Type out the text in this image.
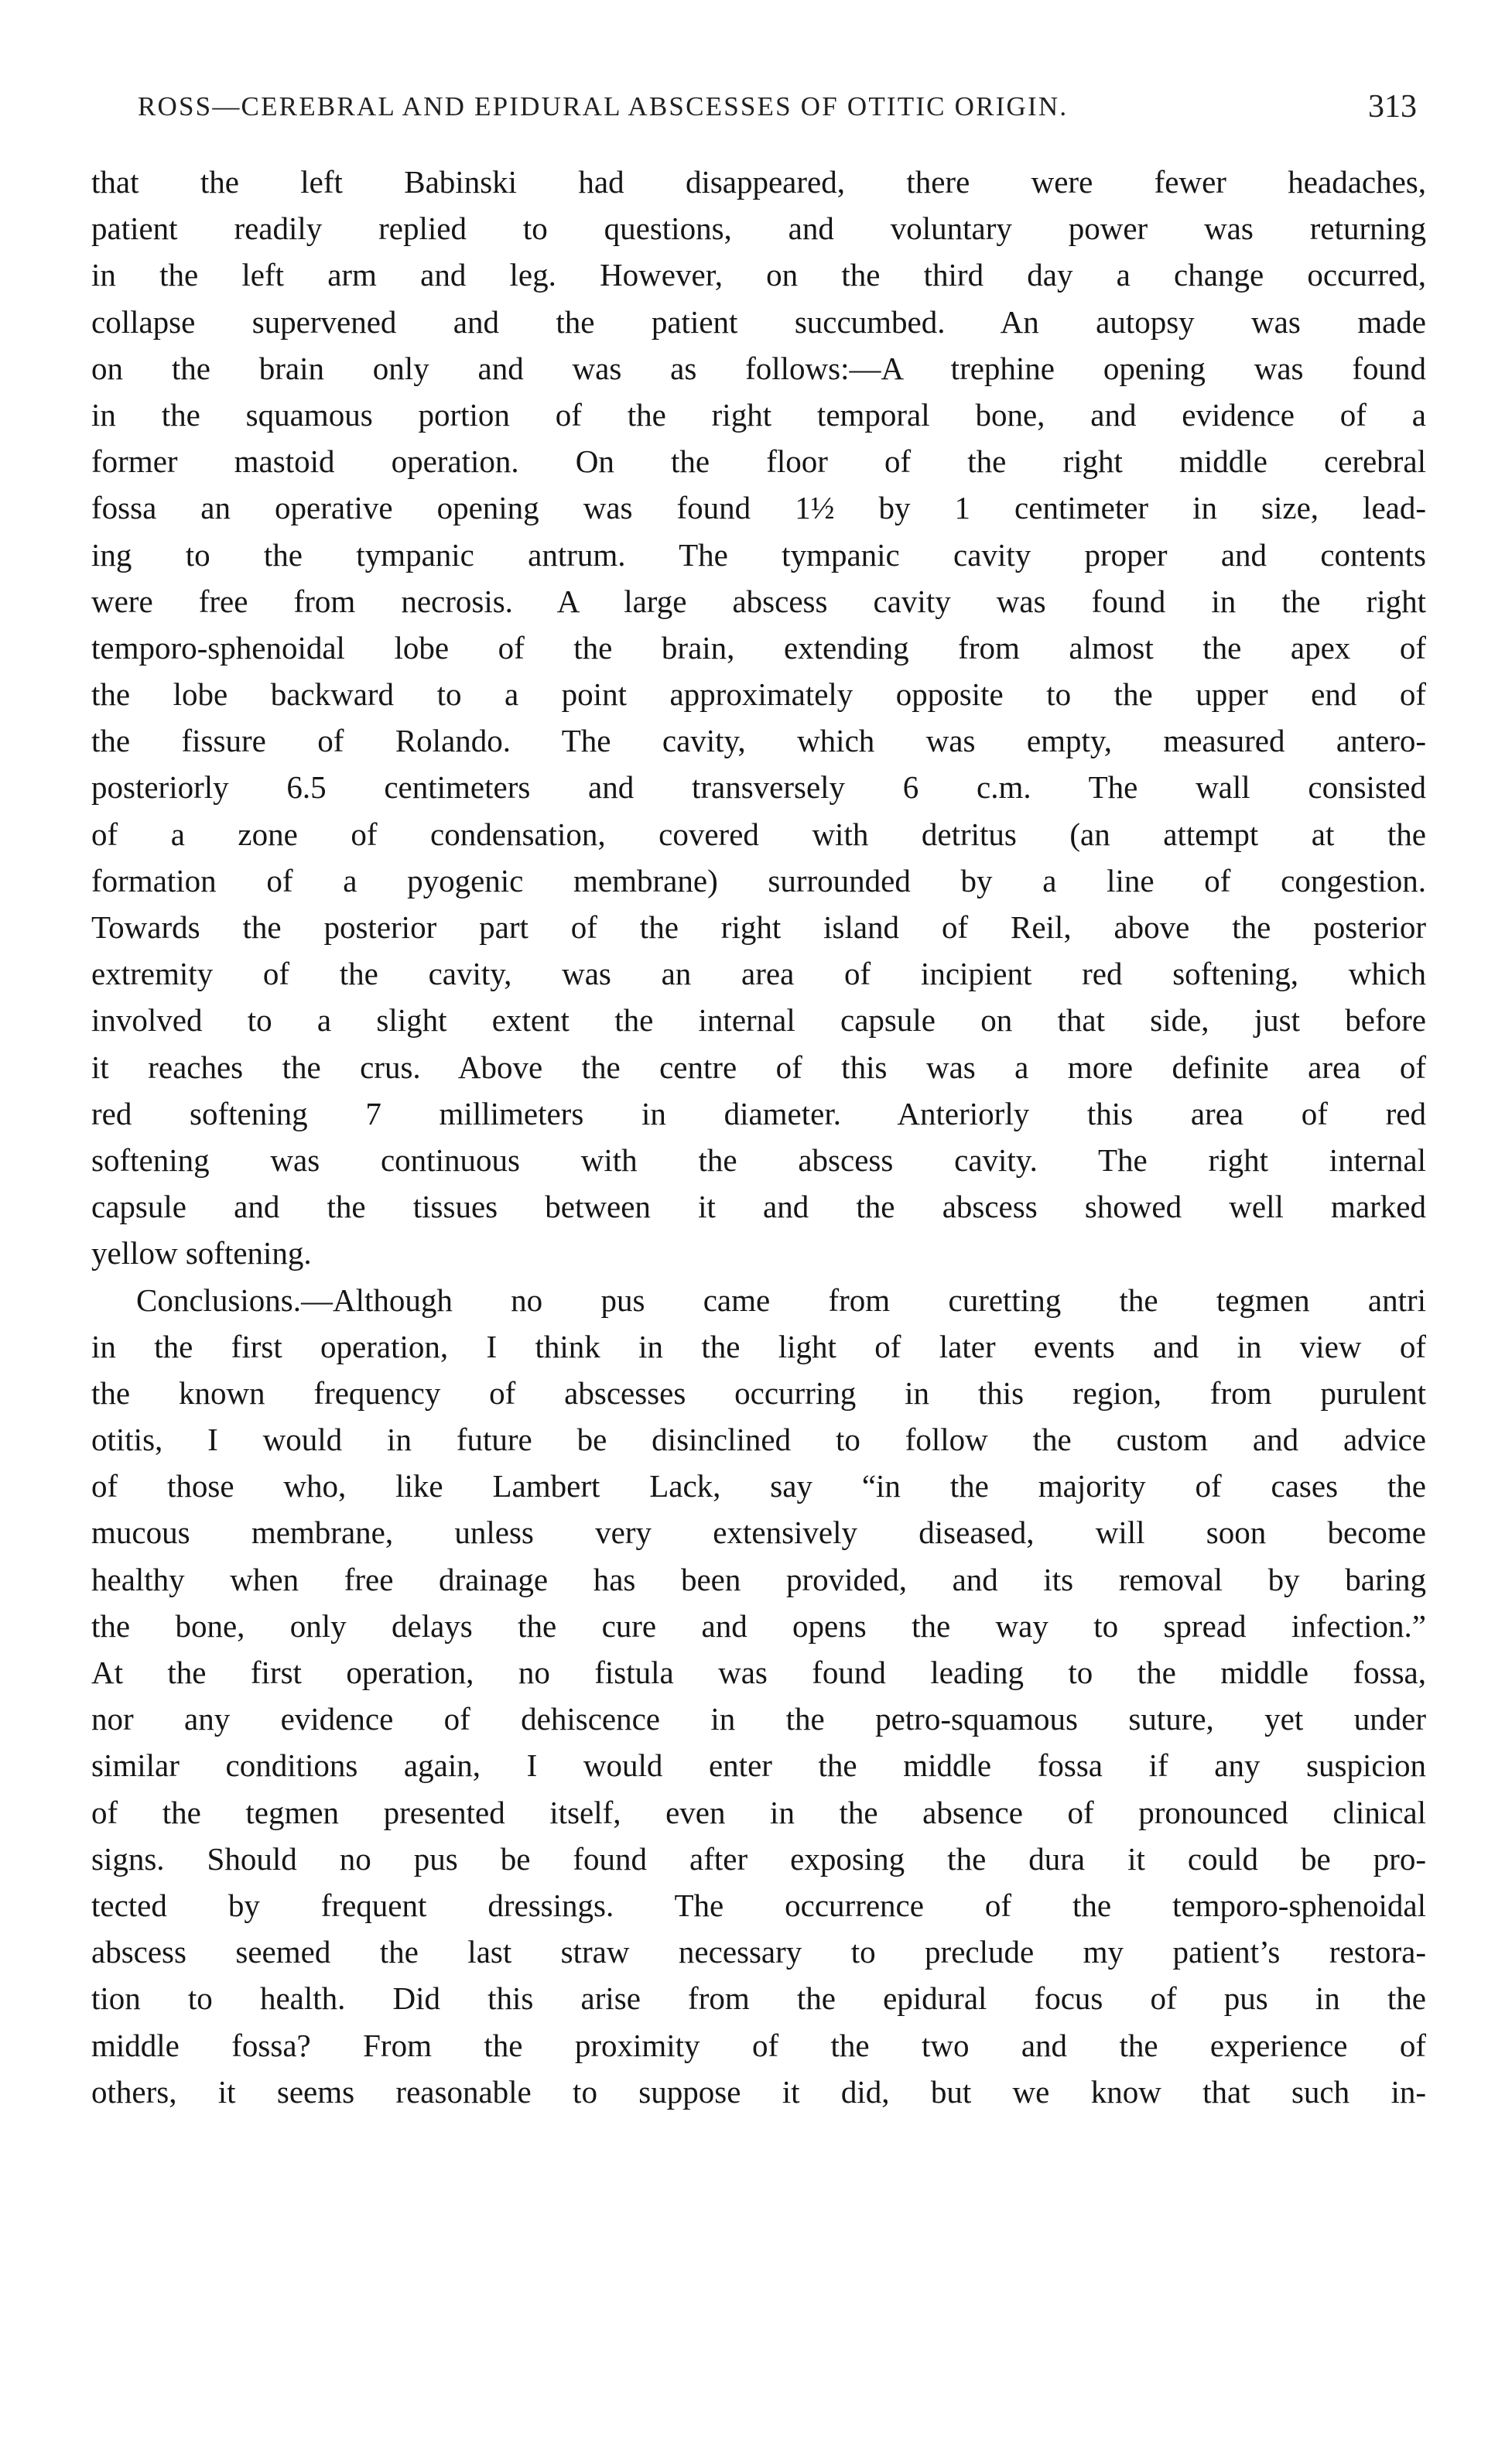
ROSS—CEREBRAL AND EPIDURAL ABSCESSES OF OTITIC ORIGIN.	313
that the left Babinski had disappeared, there were fewer headaches,
patient readily replied to questions, and voluntary power was returning
in the left arm and leg. However, on the third day a change occurred,
collapse supervened and the patient succumbed. An autopsy was made
on the brain only and was as follows:—A trephine opening was found
in the squamous portion of the right temporal bone, and evidence of a
former mastoid operation. On the floor of the right middle cerebral
fossa an operative opening was found 1½ by 1 centimeter in size, lead-
ing to the tympanic antrum. The tympanic cavity proper and contents
were free from necrosis. A large abscess cavity was found in the right
temporo-sphenoidal lobe of the brain, extending from almost the apex of
the lobe backward to a point approximately opposite to the upper end of
the fissure of Rolando. The cavity, which was empty, measured antero-
posteriorly 6.5 centimeters and transversely 6 c.m. The wall consisted
of a zone of condensation, covered with detritus (an attempt at the
formation of a pyogenic membrane) surrounded by a line of congestion.
Towards the posterior part of the right island of Reil, above the posterior
extremity of the cavity, was an area of incipient red softening, which
involved to a slight extent the internal capsule on that side, just before
it reaches the crus. Above the centre of this was a more definite area of
red softening 7 millimeters in diameter. Anteriorly this area of red
softening was continuous with the abscess cavity. The right internal
capsule and the tissues between it and the abscess showed well marked
yellow softening.
Conclusions.—Although no pus came from curetting the tegmen antri
in the first operation, I think in the light of later events and in view of
the known frequency of abscesses occurring in this region, from purulent
otitis, I would in future be disinclined to follow the custom and advice
of those who, like Lambert Lack, say “in the majority of cases the
mucous membrane, unless very extensively diseased, will soon become
healthy when free drainage has been provided, and its removal by baring
the bone, only delays the cure and opens the way to spread infection.”
At the first operation, no fistula was found leading to the middle fossa,
nor any evidence of dehiscence in the petro-squamous suture, yet under
similar conditions again, I would enter the middle fossa if any suspicion
of the tegmen presented itself, even in the absence of pronounced clinical
signs. Should no pus be found after exposing the dura it could be pro-
tected by frequent dressings. The occurrence of the temporo-sphenoidal
abscess seemed the last straw necessary to preclude my patient’s restora-
tion to health. Did this arise from the epidural focus of pus in the
middle fossa? From the proximity of the two and the experience of
others, it seems reasonable to suppose it did, but we know that such in-
